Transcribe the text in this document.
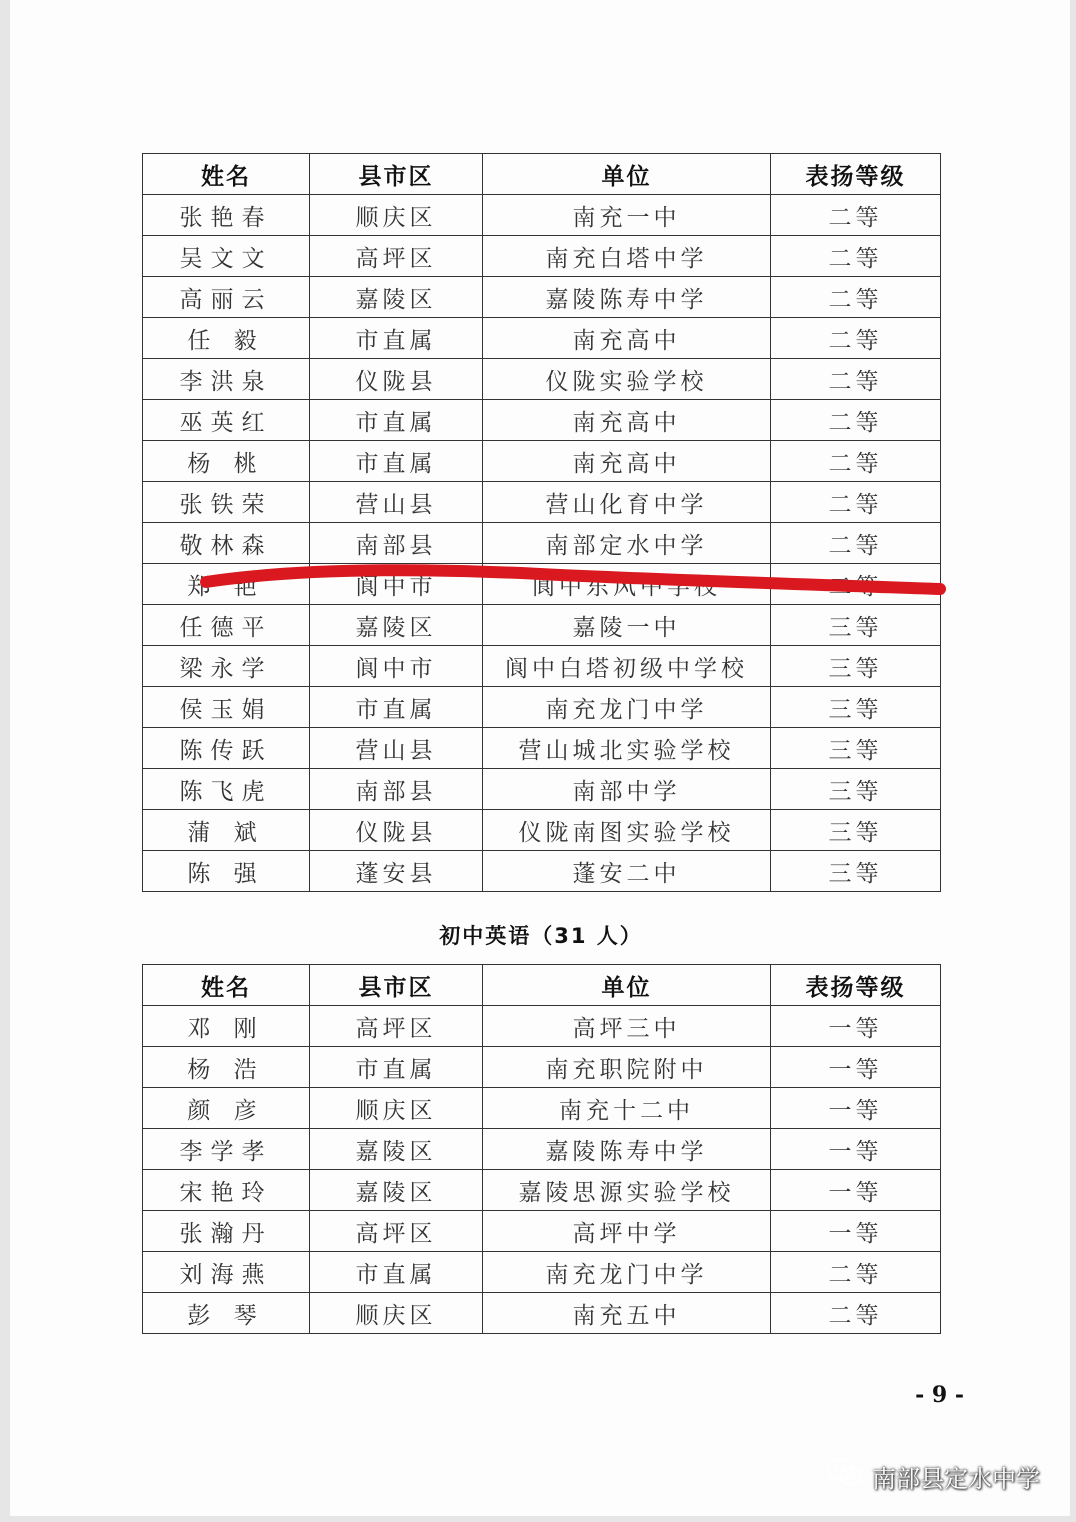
姓名	县市区	单位	表扬等级
张艳春	顺庆区	南充一中	二等
吴文文	高坪区	南充白塔中学	二等
高丽云	嘉陵区	嘉陵陈寿中学	二等
任 毅	市直属	南充高中	二等
李洪泉	仪陇县	仪陇实验学校	二等
巫英红	市直属	南充高中	二等
杨 桃	市直属	南充高中	二等
张铁荣	营山县	营山化育中学	二等
敬林森	南部县	南部定水中学	二等
郑 艳	阆中市	阆中东风中学校	二等
任德平	嘉陵区	嘉陵一中	三等
梁永学	阆中市	阆中白塔初级中学校	三等
侯玉娟	市直属	南充龙门中学	三等
陈传跃	营山县	营山城北实验学校	三等
陈飞虎	南部县	南部中学	三等
蒲 斌	仪陇县	仪陇南图实验学校	三等
陈 强	蓬安县	蓬安二中	三等
初中英语（31 人）
姓名	县市区	单位	表扬等级
邓 刚	高坪区	高坪三中	一等
杨 浩	市直属	南充职院附中	一等
颜 彦	顺庆区	南充十二中	一等
李学孝	嘉陵区	嘉陵陈寿中学	一等
宋艳玲	嘉陵区	嘉陵思源实验学校	一等
张瀚丹	高坪区	高坪中学	一等
刘海燕	市直属	南充龙门中学	二等
彭 琴	顺庆区	南充五中	二等
- 9 -
南部县定水中学
